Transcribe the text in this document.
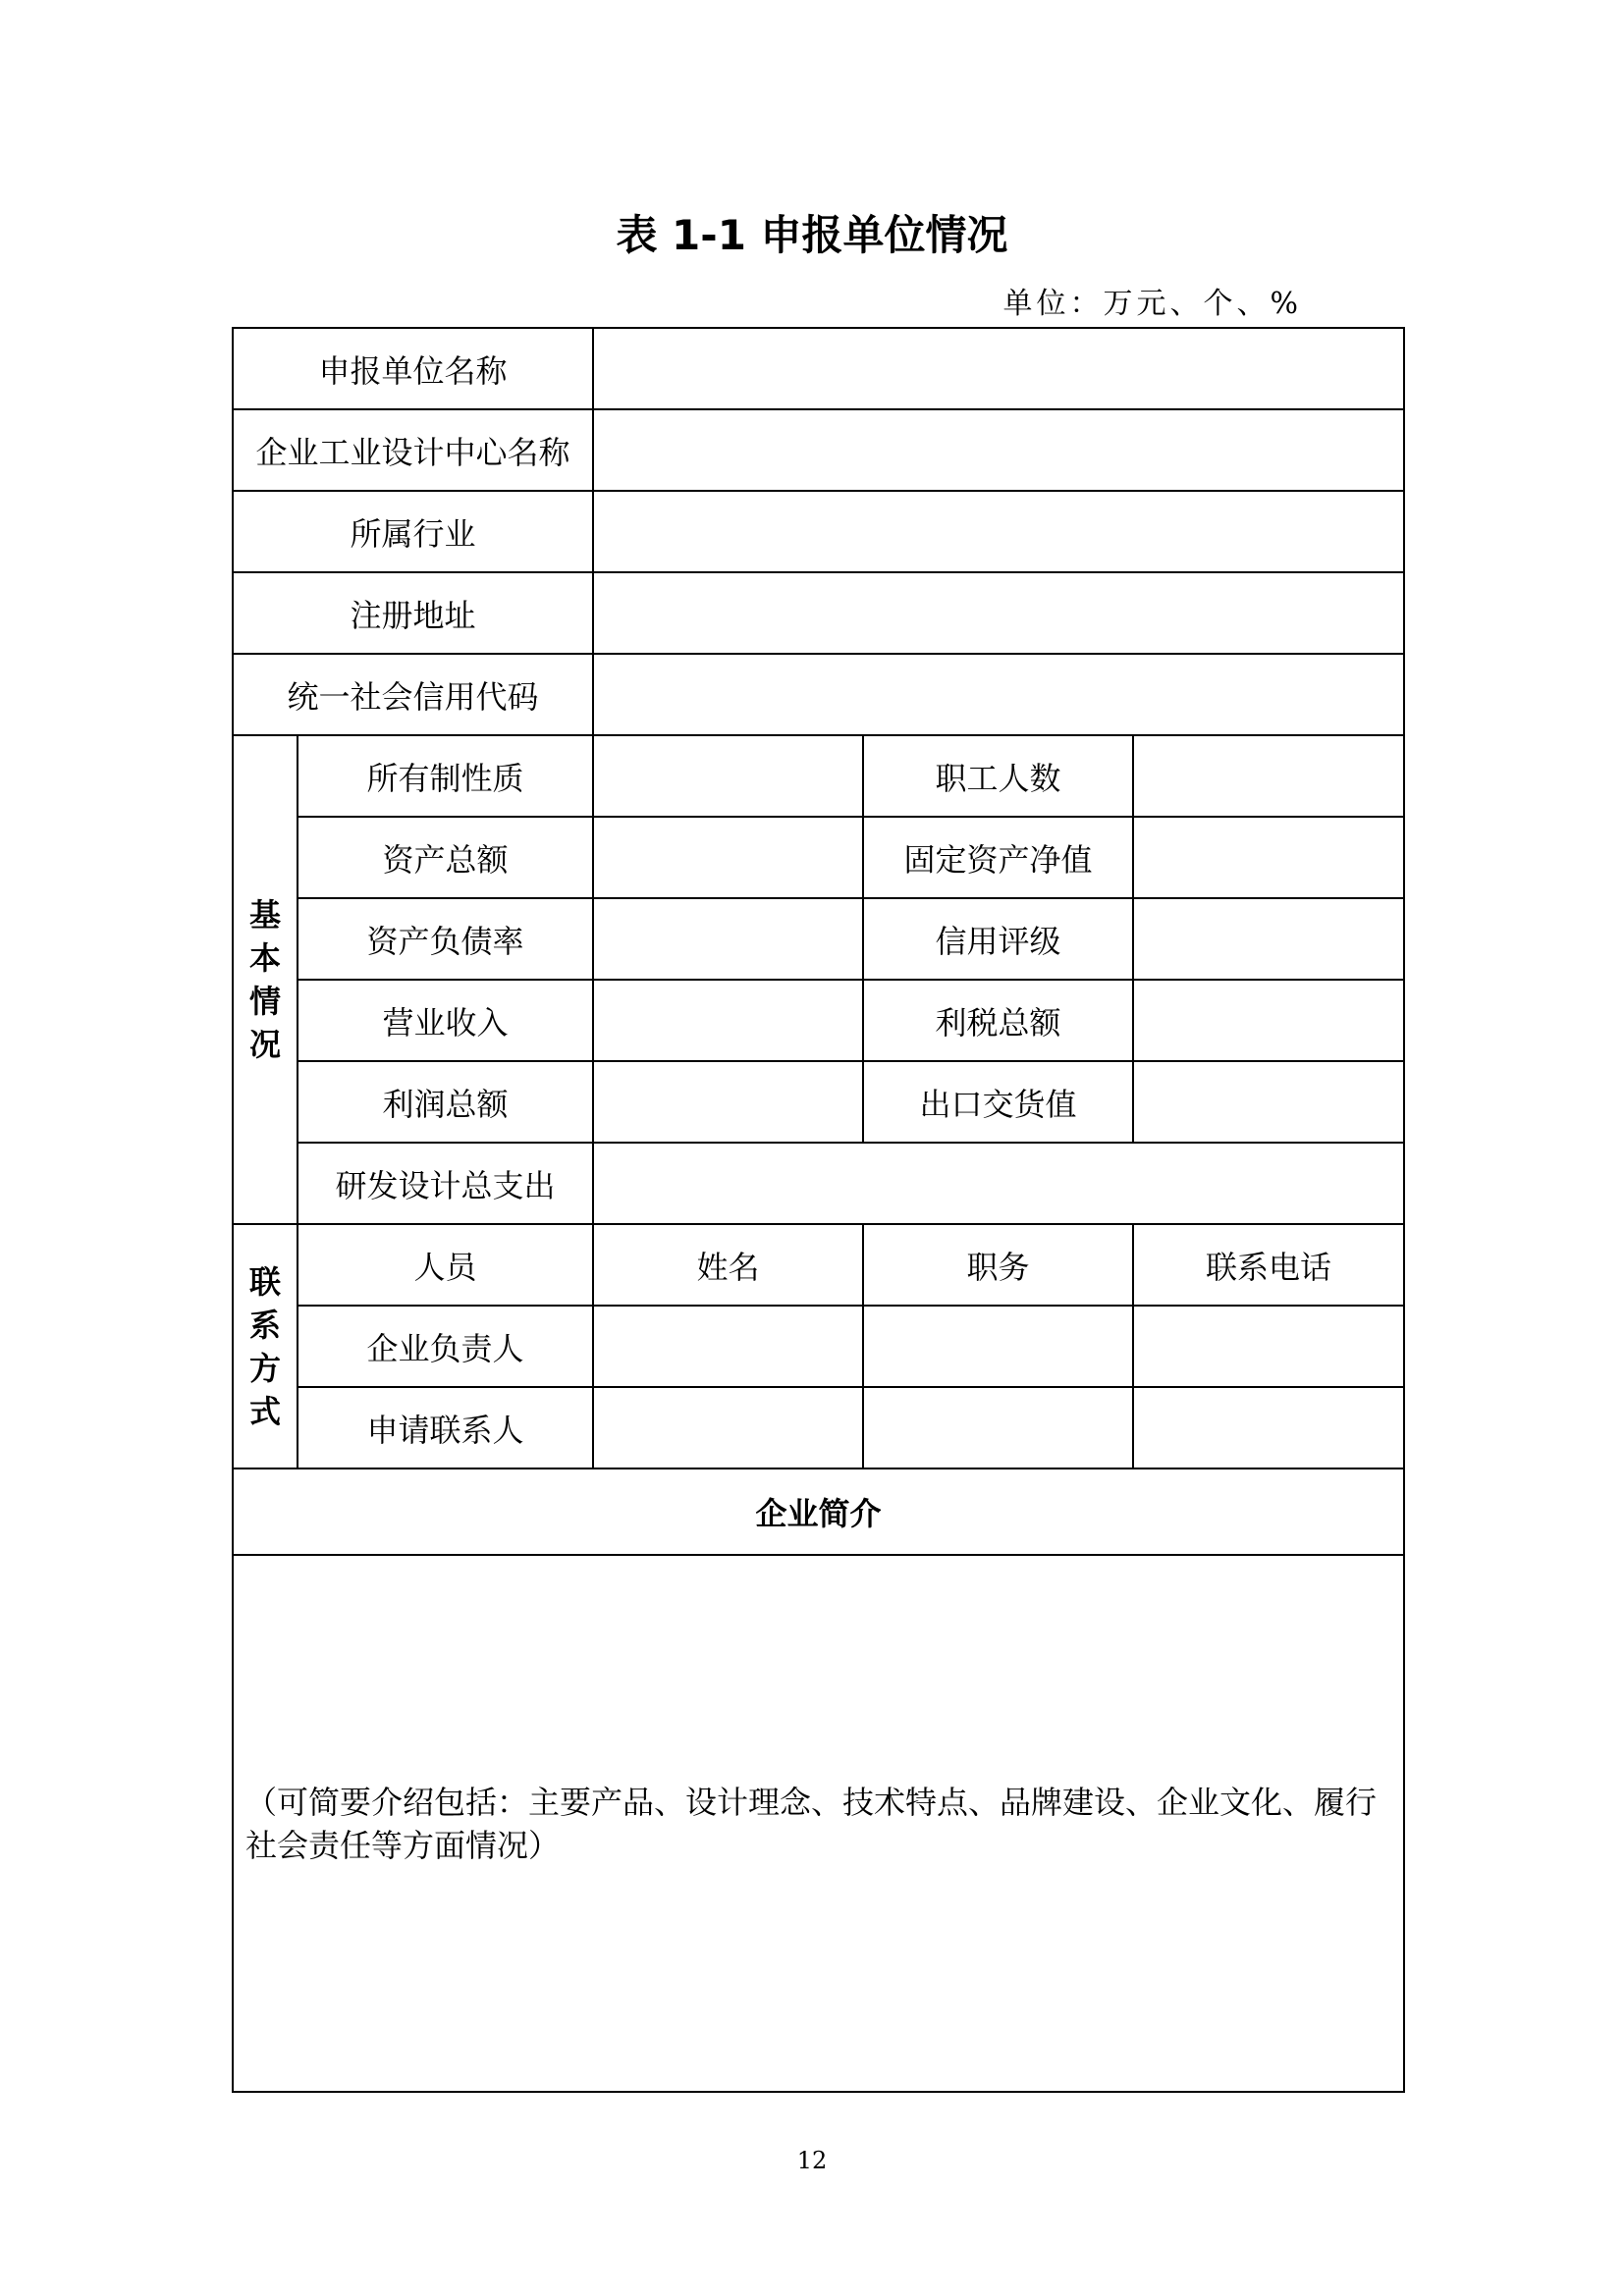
表 1-1 申报单位情况
单位：万元、个、%
申报单位名称				
企业工业设计中心名称				
所属行业				
注册地址				
统一社会信用代码				

基
本
情
况	所有制性质		职工人数	
	资产总额		固定资产净值	
	资产负债率		信用评级	
	营业收入		利税总额	
	利润总额		出口交货值	
	研发设计总支出			

联
系
方
式	人员	姓名	职务	联系电话
	企业负责人			
	申请联系人			
企业简介				

（可简要介绍包括：主要产品、设计理念、技术特点、品牌建设、企业文化、履行社会责任等方面情况）				
12
